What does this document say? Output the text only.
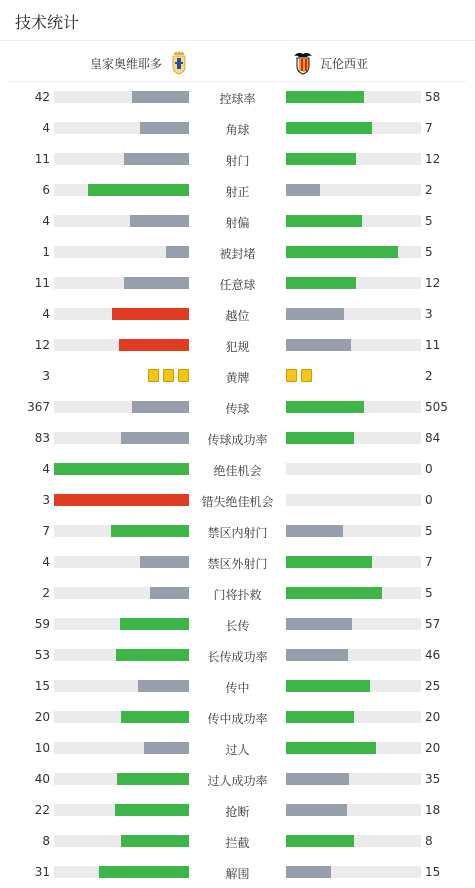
技术统计
皇家奥维耶多	瓦伦西亚
42	控球率	58
4	角球	7
11	射门	12
6	射正	2
4	射偏	5
1	被封堵	5
11	任意球	12
4	越位	3
12	犯规	11
3	黄牌	2
367	传球	505
83	传球成功率	84
4	绝佳机会	0
3	错失绝佳机会	0
7	禁区内射门	5
4	禁区外射门	7
2	门将扑救	5
59	长传	57
53	长传成功率	46
15	传中	25
20	传中成功率	20
10	过人	20
40	过人成功率	35
22	抢断	18
8	拦截	8
31	解围	15
